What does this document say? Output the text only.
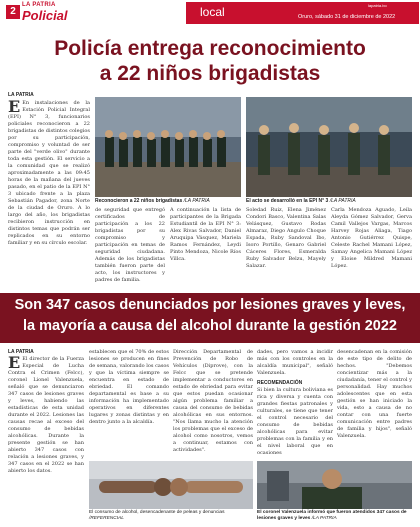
2
LA PATRIA
Policial	local	lapatria.bo
Oruro, sábado 31 de diciembre de 2022
Policía entrega reconocimiento
a 22 niños brigadistas
LA PATRIA
E En instalaciones de la Estación Policial Integral (EPI) N° 3, funcionarios policiales reconocieron a 22 brigadistas de distintos colegios por su participación, compromiso y voluntad de ser parte del "verde olivo" durante toda esta gestión. El servicio a la comunidad que se realizó aproximadamente a las 09:45 horas de la mañana del jueves pasado, en el patio de la EPI N° 3 ubicado frente a la plaza Sebastián Pagador, zona Norte de la ciudad de Oruro. A lo largo del año, los brigadistas recibieron instrucción en distintos temas que podrán ser replicados en su entorno familiar y en su círculo escolar.
Reconocieron a 22 niños brigadistas /LA PATRIA	El acto se desarrolló en la EPI N° 3 /LA PATRIA
de seguridad que entregó certificados de participación a los 22 brigadistas por su compromiso y participación en temas de seguridad ciudadana. Además de los brigadistas también fueron parte del acto, los instructores y padres de familia.
A continuación la lista de participantes de la Brigada Estudiantil de la EPI N° 3: Alex Rivas Salvador, Daniel Aruquipa Vásquez, Mariela Ramos Fernández, Leydi Pinto Mendoza, Nicole Ríos Villca.
Soledad Ruiz, Elena Jiménez Condori Basco, Valentina Salas Velásquez, Gustavo Rodas Almaraz, Diego Angulo Choque Espada, Ruby Sandoval Ibo, Isoro Portillo, Genaro Gabriel Cáceres Flores, Esmeralda Ruby Salvador Belzu, Mayely Salazar.
Carla Mendoza Aguado, Leila Aleyda Gómez Salvador, Gerva Camil Vallejos Vargas, Marcos Harvey Rojas Aliaga, Tiago Antonio Gutiérrez Quispe, Celeste Rachel Mamani López, Samay Angelica Mamani López y Eloise Mildred Mamani López.
Son 347 casos denunciados por lesiones graves y leves,
la mayoría a causa del alcohol durante la gestión 2022
LA PATRIA
E El director de la Fuerza Especial de Lucha Contra el Crimen (Felcc), coronel Lionel Valenzuela, señaló que se denunciaron 347 casos de lesiones graves y leves, habiendo las estadísticas de esta unidad durante el 2022. Lesiones las causas recae al exceso del consumo de bebidas alcohólicas. Durante la presente gestión se han abierto 347 casos con relación a lesiones graves, y 347 casos en el 2022 se han abierto los datos.
establecen que el 70% de estos lesiones se producen en fines de semana, valorando los casos y que la víctima siempre se encuentra en estado de ebriedad. El comando departamental es base a su información ha implementado operativos en diferentes lugares y zonas distintas y en dentro junto a la alcaldía.
Dirección Departamental de Prevención de Robo de Vehículos (Diprove), con la Felcc que se pretende implementar a conductores en estado de ebriedad para evitar que estos puedan ocasionar algún problema familiar a causa del consumo de bebidas alcohólicas en sus entornos. "Nos llama mucho la atención los problemas que el exceso de alcohol como nosotros, vemos a continuar, estamos con actividades".
dades, pero vamos a incidir más con los controles en la alcaldía municipal", señaló Valenzuela.
RECOMENDACIÓN
Si bien la cultura boliviana es rica y diversa y cuenta con grandes fiestas patronales y culturales, se tiene que tener el control necesario del consumo de bebidas alcohólicas para evitar problemas con la familia y en el nivel laboral que en ocasiones
desencadenan en la comisión de este tipo de delito de hechos. "Debemos concientizar más a la ciudadanía, tener el control y personalidad. Hay muchos adolescentes que en esta gestión se han iniciado la vida, esto a causa de no contar con una fuerte comunicación entre padres de familia y hijos", señaló Valenzuela.
El consumo de alcohol, desencadenante de peleas y denuncias
/REFERENCIAL
El coronel Valenzuela informó que fueron atendidos 347 casos de lesiones graves y leves /LA PATRIA
